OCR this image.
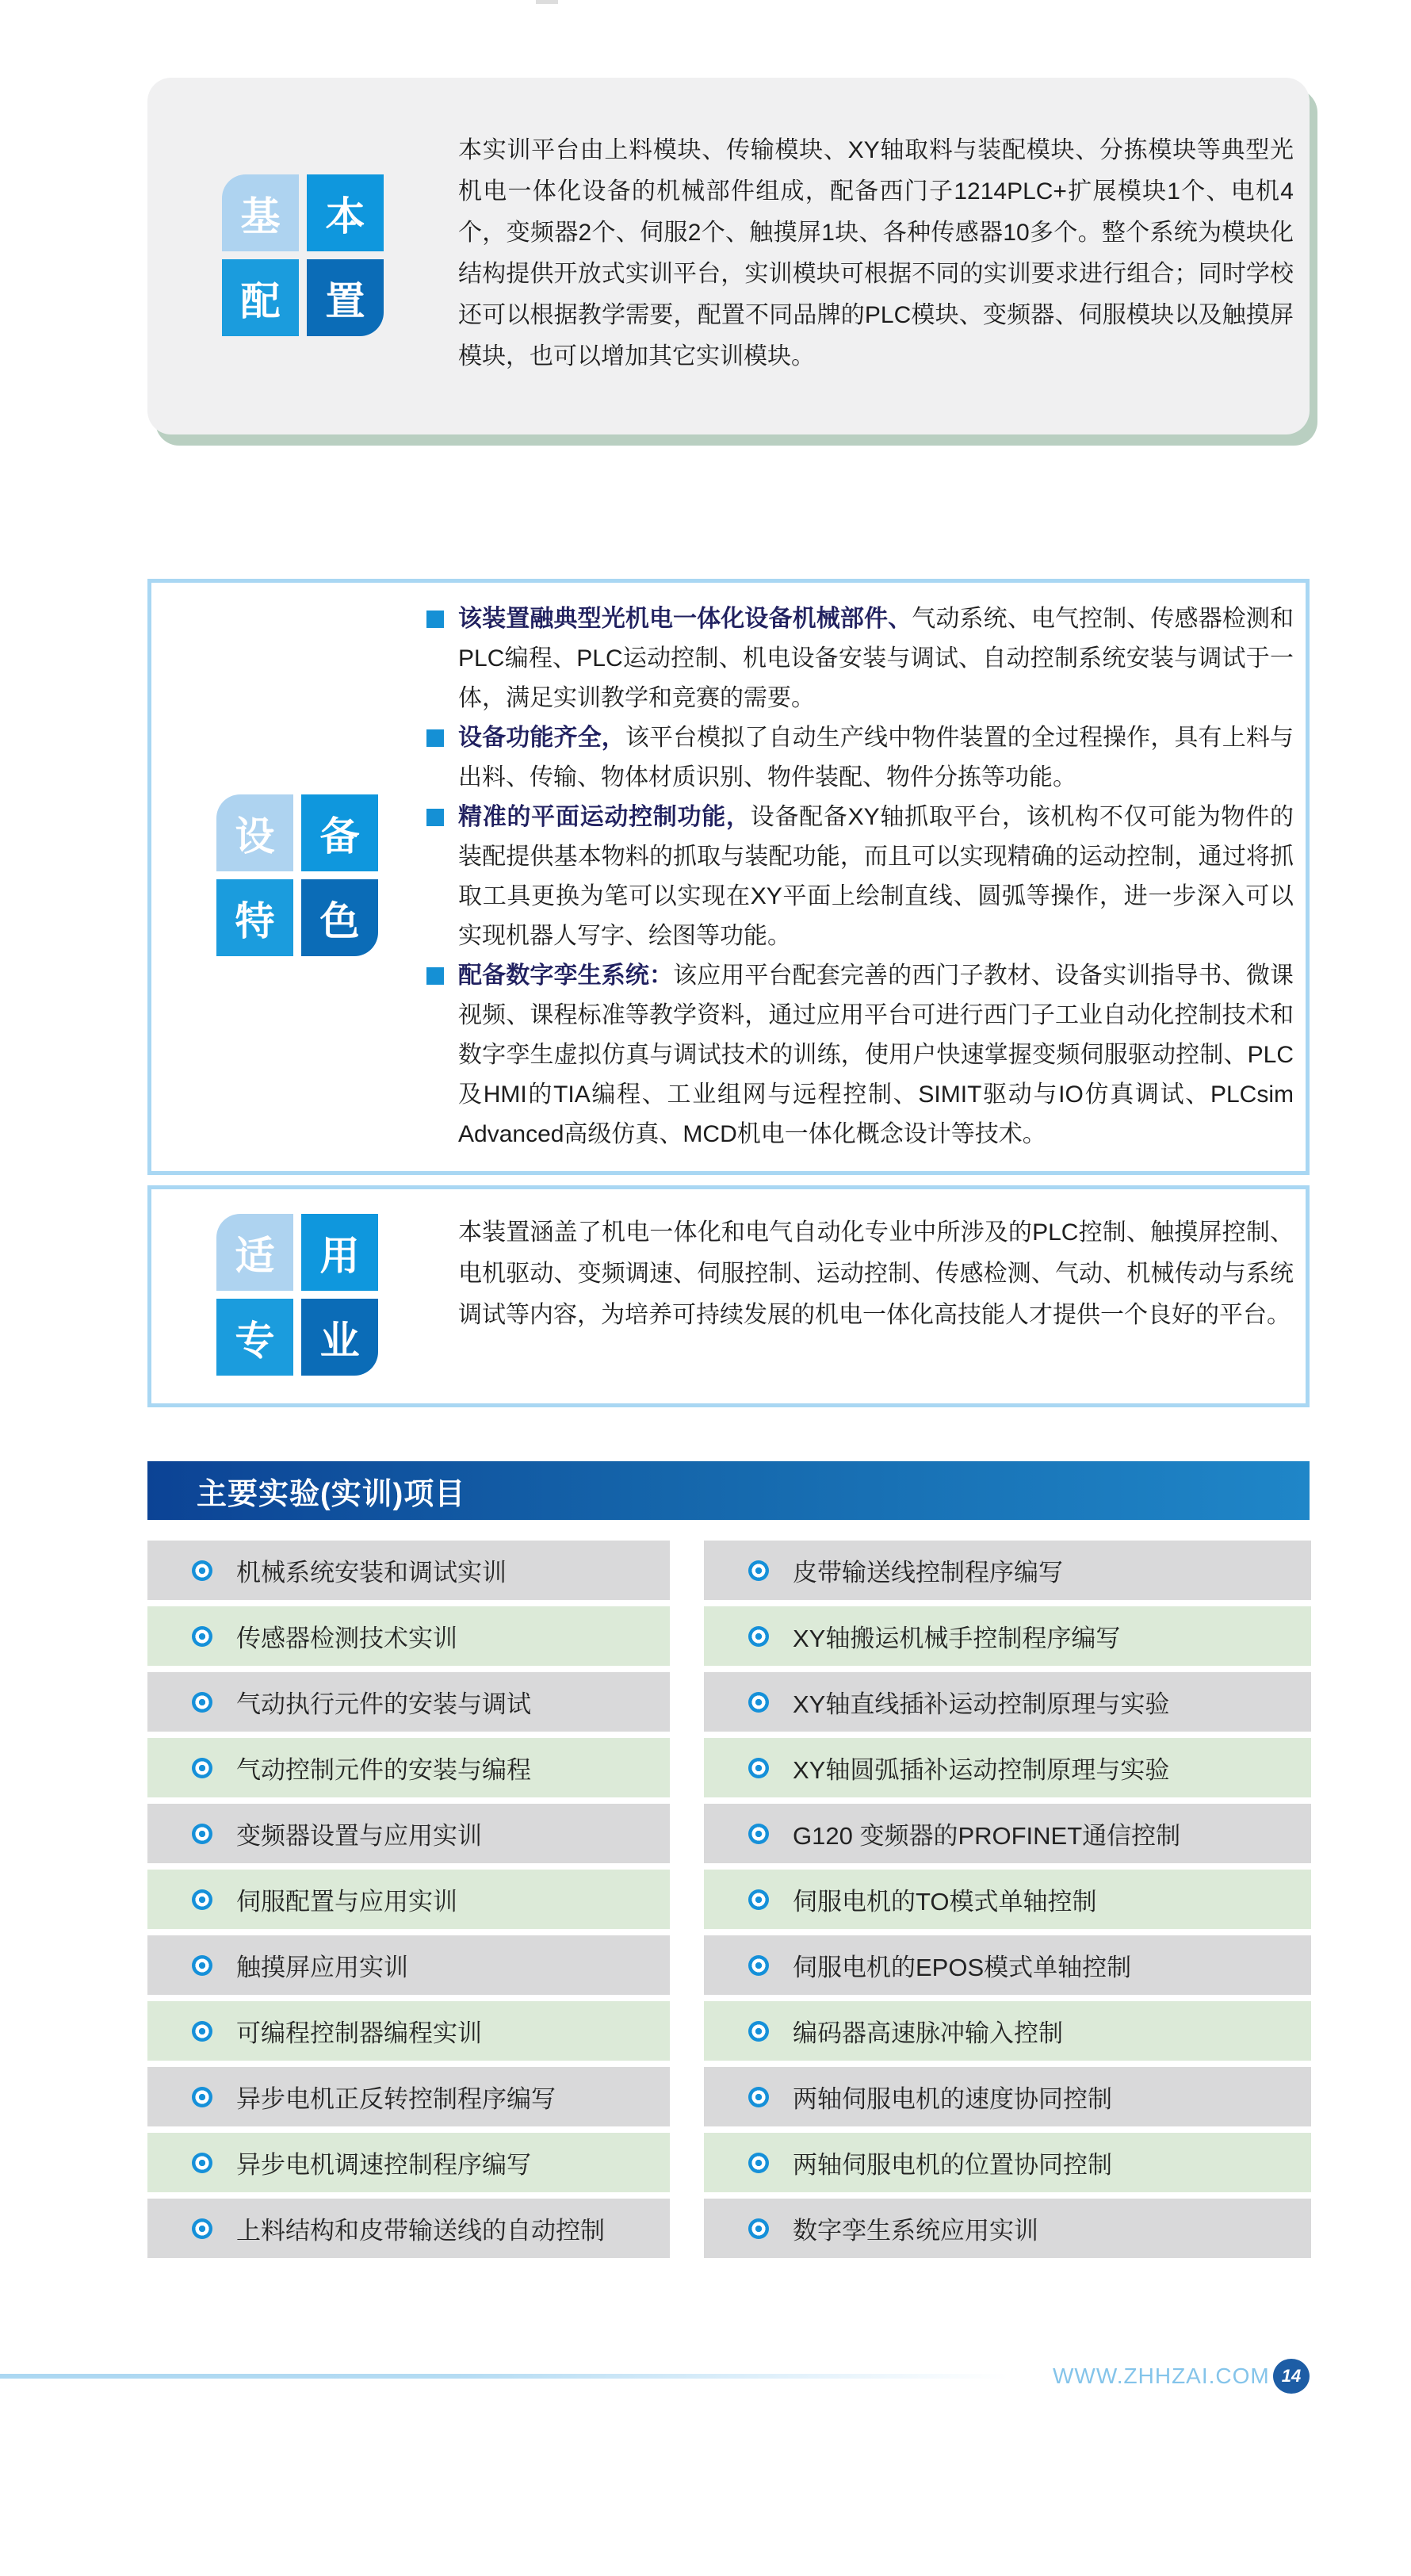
基	本
配	置

本实训平台由上料模块、传输模块、XY轴取料与装配模块、分拣模块等典型光机电一体化设备的机械部件组成，配备西门子1214PLC+扩展模块1个、电机4个，变频器2个、伺服2个、触摸屏1块、各种传感器10多个。整个系统为模块化结构提供开放式实训平台，实训模块可根据不同的实训要求进行组合；同时学校还可以根据教学需要，配置不同品牌的PLC模块、变频器、伺服模块以及触摸屏模块，也可以增加其它实训模块。

设	备
特	色
该装置融典型光机电一体化设备机械部件、气动系统、电气控制、传感器检测和PLC编程、PLC运动控制、机电设备安装与调试、自动控制系统安装与调试于一体，满足实训教学和竞赛的需要。
设备功能齐全，该平台模拟了自动生产线中物件装置的全过程操作，具有上料与出料、传输、物体材质识别、物件装配、物件分拣等功能。
精准的平面运动控制功能，设备配备XY轴抓取平台，该机构不仅可能为物件的装配提供基本物料的抓取与装配功能，而且可以实现精确的运动控制，通过将抓取工具更换为笔可以实现在XY平面上绘制直线、圆弧等操作，进一步深入可以实现机器人写字、绘图等功能。
配备数字孪生系统：该应用平台配套完善的西门子教材、设备实训指导书、微课视频、课程标准等教学资料，通过应用平台可进行西门子工业自动化控制技术和数字孪生虚拟仿真与调试技术的训练，使用户快速掌握变频伺服驱动控制、PLC及HMI的TIA编程、工业组网与远程控制、SIMIT驱动与IO仿真调试、PLCsim Advanced高级仿真、MCD机电一体化概念设计等技术。
适	用
专	业

本装置涵盖了机电一体化和电气自动化专业中所涉及的PLC控制、触摸屏控制、电机驱动、变频调速、伺服控制、运动控制、传感检测、气动、机械传动与系统调试等内容，为培养可持续发展的机电一体化高技能人才提供一个良好的平台。

主要实验(实训)项目
机械系统安装和调试实训
传感器检测技术实训
气动执行元件的安装与调试
气动控制元件的安装与编程
变频器设置与应用实训
伺服配置与应用实训
触摸屏应用实训
可编程控制器编程实训
异步电机正反转控制程序编写
异步电机调速控制程序编写
上料结构和皮带输送线的自动控制
皮带输送线控制程序编写
XY轴搬运机械手控制程序编写
XY轴直线插补运动控制原理与实验
XY轴圆弧插补运动控制原理与实验
G120 变频器的PROFINET通信控制
伺服电机的TO模式单轴控制
伺服电机的EPOS模式单轴控制
编码器高速脉冲输入控制
两轴伺服电机的速度协同控制
两轴伺服电机的位置协同控制
数字孪生系统应用实训
WWW.ZHHZAI.COM 14
